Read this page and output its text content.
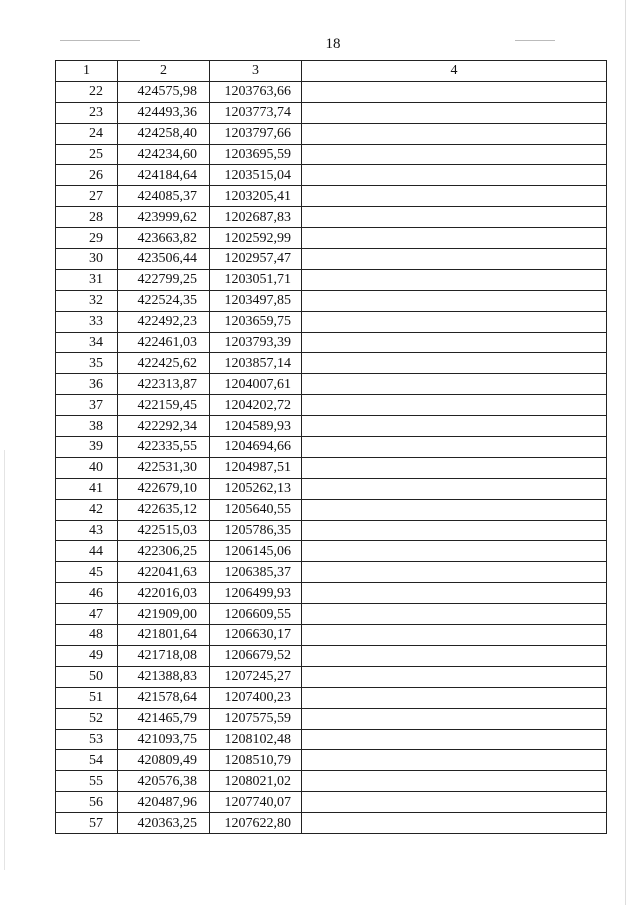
18
1	2	3	4
22	424575,98	1203763,66	
23	424493,36	1203773,74	
24	424258,40	1203797,66	
25	424234,60	1203695,59	
26	424184,64	1203515,04	
27	424085,37	1203205,41	
28	423999,62	1202687,83	
29	423663,82	1202592,99	
30	423506,44	1202957,47	
31	422799,25	1203051,71	
32	422524,35	1203497,85	
33	422492,23	1203659,75	
34	422461,03	1203793,39	
35	422425,62	1203857,14	
36	422313,87	1204007,61	
37	422159,45	1204202,72	
38	422292,34	1204589,93	
39	422335,55	1204694,66	
40	422531,30	1204987,51	
41	422679,10	1205262,13	
42	422635,12	1205640,55	
43	422515,03	1205786,35	
44	422306,25	1206145,06	
45	422041,63	1206385,37	
46	422016,03	1206499,93	
47	421909,00	1206609,55	
48	421801,64	1206630,17	
49	421718,08	1206679,52	
50	421388,83	1207245,27	
51	421578,64	1207400,23	
52	421465,79	1207575,59	
53	421093,75	1208102,48	
54	420809,49	1208510,79	
55	420576,38	1208021,02	
56	420487,96	1207740,07	
57	420363,25	1207622,80	
